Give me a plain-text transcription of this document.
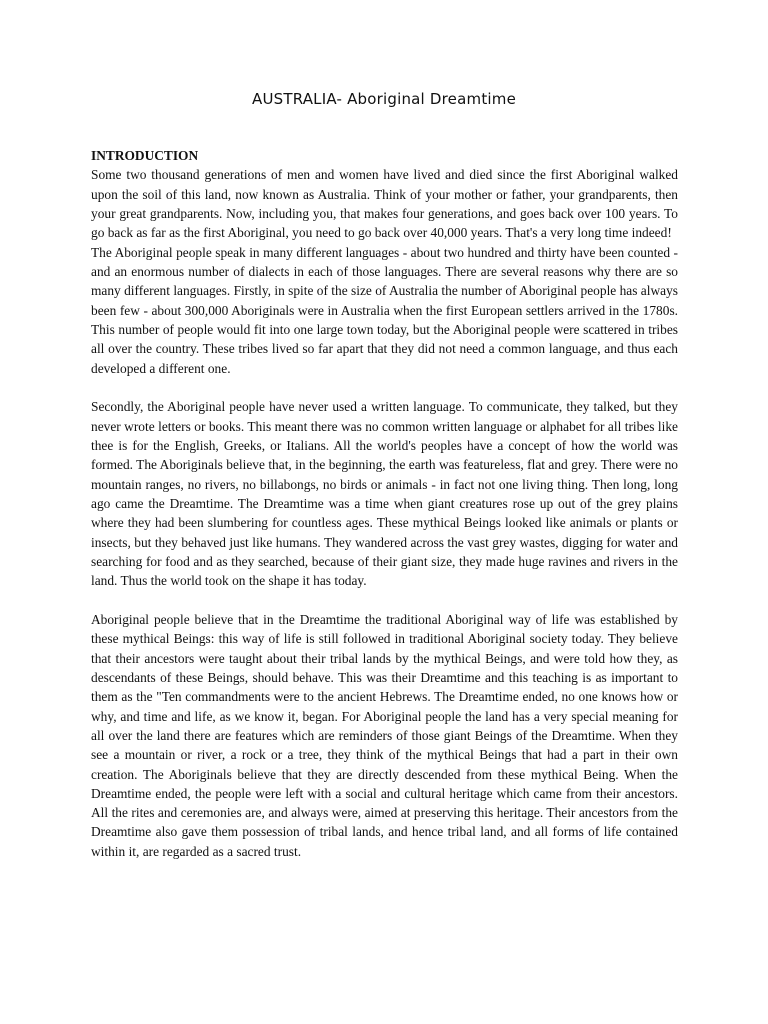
AUSTRALIA- Aboriginal Dreamtime

INTRODUCTION

Some two thousand generations of men and women have lived and died since the first Aboriginal walked upon the soil of this land, now known as Australia. Think of your mother or father, your grandparents, then your great grandparents. Now, including you, that makes four generations, and goes back over 100 years. To go back as far as the first Aboriginal, you need to go back over 40,000 years. That's a very long time indeed!

The Aboriginal people speak in many different languages - about two hundred and thirty have been counted - and an enormous number of dialects in each of those languages. There are several reasons why there are so many different languages. Firstly, in spite of the size of Australia the number of Aboriginal people has always been few - about 300,000 Aboriginals were in Australia when the first European settlers arrived in the 1780s. This number of people would fit into one large town today, but the Aboriginal people were scattered in tribes all over the country. These tribes lived so far apart that they did not need a common language, and thus each developed a different one.

Secondly, the Aboriginal people have never used a written language. To communicate, they talked, but they never wrote letters or books. This meant there was no common written language or alphabet for all tribes like thee is for the English, Greeks, or Italians. All the world's peoples have a concept of how the world was formed. The Aboriginals believe that, in the beginning, the earth was featureless, flat and grey. There were no mountain ranges, no rivers, no billabongs, no birds or animals - in fact not one living thing. Then long, long ago came the Dreamtime. The Dreamtime was a time when giant creatures rose up out of the grey plains where they had been slumbering for countless ages. These mythical Beings looked like animals or plants or insects, but they behaved just like humans. They wandered across the vast grey wastes, digging for water and searching for food and as they searched, because of their giant size, they made huge ravines and rivers in the land. Thus the world took on the shape it has today.

Aboriginal people believe that in the Dreamtime the traditional Aboriginal way of life was established by these mythical Beings: this way of life is still followed in traditional Aboriginal society today. They believe that their ancestors were taught about their tribal lands by the mythical Beings, and were told how they, as descendants of these Beings, should behave. This was their Dreamtime and this teaching is as important to them as the "Ten commandments were to the ancient Hebrews. The Dreamtime ended, no one knows how or why, and time and life, as we know it, began. For Aboriginal people the land has a very special meaning for all over the land there are features which are reminders of those giant Beings of the Dreamtime. When they see a mountain or river, a rock or a tree, they think of the mythical Beings that had a part in their own creation. The Aboriginals believe that they are directly descended from these mythical Being. When the Dreamtime ended, the people were left with a social and cultural heritage which came from their ancestors. All the rites and ceremonies are, and always were, aimed at preserving this heritage. Their ancestors from the Dreamtime also gave them possession of tribal lands, and hence tribal land, and all forms of life contained within it, are regarded as a sacred trust.
